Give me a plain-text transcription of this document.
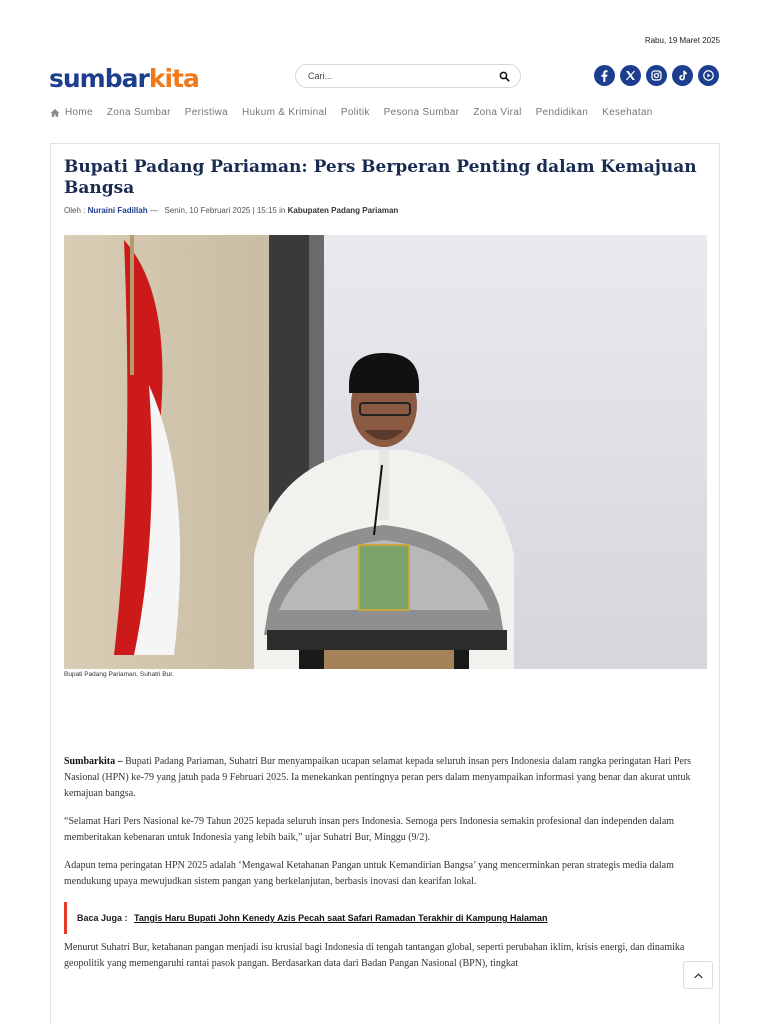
Rabu, 19 Maret 2025
sumbarkita
Cari...
Home Zona Sumbar Peristiwa Hukum & Kriminal Politik Pesona Sumbar Zona Viral Pendidikan Kesehatan
Bupati Padang Pariaman: Pers Berperan Penting dalam Kemajuan Bangsa
Oleh : Nuraini Fadillah — Senin, 10 Februari 2025 | 15:15 in Kabupaten Padang Pariaman
Bupati Padang Pariaman, Suhatri Bur.

Sumbarkita – Bupati Padang Pariaman, Suhatri Bur menyampaikan ucapan selamat kepada seluruh insan pers Indonesia dalam rangka peringatan Hari Pers Nasional (HPN) ke-79 yang jatuh pada 9 Februari 2025. Ia menekankan pentingnya peran pers dalam menyampaikan informasi yang benar dan akurat untuk kemajuan bangsa.

“Selamat Hari Pers Nasional ke-79 Tahun 2025 kepada seluruh insan pers Indonesia. Semoga pers Indonesia semakin profesional dan independen dalam memberitakan kebenaran untuk Indonesia yang lebih baik,” ujar Suhatri Bur, Minggu (9/2).

Adapun tema peringatan HPN 2025 adalah ‘Mengawal Ketahanan Pangan untuk Kemandirian Bangsa’ yang mencerminkan peran strategis media dalam mendukung upaya mewujudkan sistem pangan yang berkelanjutan, berbasis inovasi dan kearifan lokal.

Baca Juga : Tangis Haru Bupati John Kenedy Azis Pecah saat Safari Ramadan Terakhir di Kampung Halaman

Menurut Suhatri Bur, ketahanan pangan menjadi isu krusial bagi Indonesia di tengah tantangan global, seperti perubahan iklim, krisis energi, dan dinamika geopolitik yang memengaruhi rantai pasok pangan. Berdasarkan data dari Badan Pangan Nasional (BPN), tingkat
